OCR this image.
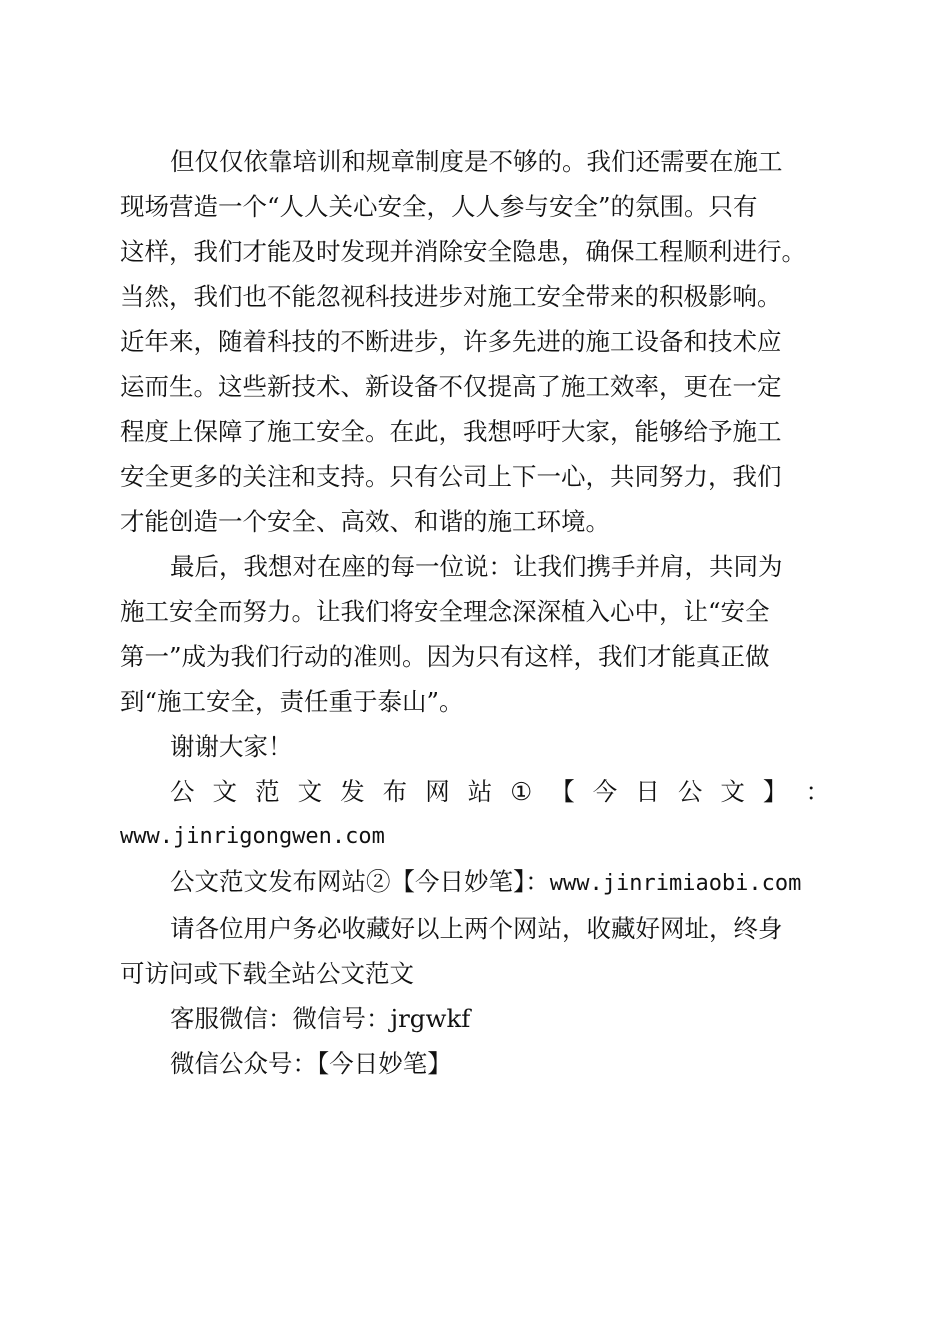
但仅仅依靠培训和规章制度是不够的。我们还需要在施工
现场营造一个“人人关心安全，人人参与安全”的氛围。只有
这样，我们才能及时发现并消除安全隐患，确保工程顺利进行。
当然，我们也不能忽视科技进步对施工安全带来的积极影响。
近年来，随着科技的不断进步，许多先进的施工设备和技术应
运而生。这些新技术、新设备不仅提高了施工效率，更在一定
程度上保障了施工安全。在此，我想呼吁大家，能够给予施工
安全更多的关注和支持。只有公司上下一心，共同努力，我们
才能创造一个安全、高效、和谐的施工环境。
最后，我想对在座的每一位说：让我们携手并肩，共同为
施工安全而努力。让我们将安全理念深深植入心中，让“安全
第一”成为我们行动的准则。因为只有这样，我们才能真正做
到“施工安全，责任重于泰山”。
谢谢大家！
公 文 范 文 发 布 网 站 ① 【 今 日 公 文 】 ：
www.jinrigongwen.com
公文范文发布网站②【今日妙笔】：www.jinrimiaobi.com
请各位用户务必收藏好以上两个网站，收藏好网址，终身
可访问或下载全站公文范文
客服微信：微信号：jrgwkf
微信公众号：【今日妙笔】
